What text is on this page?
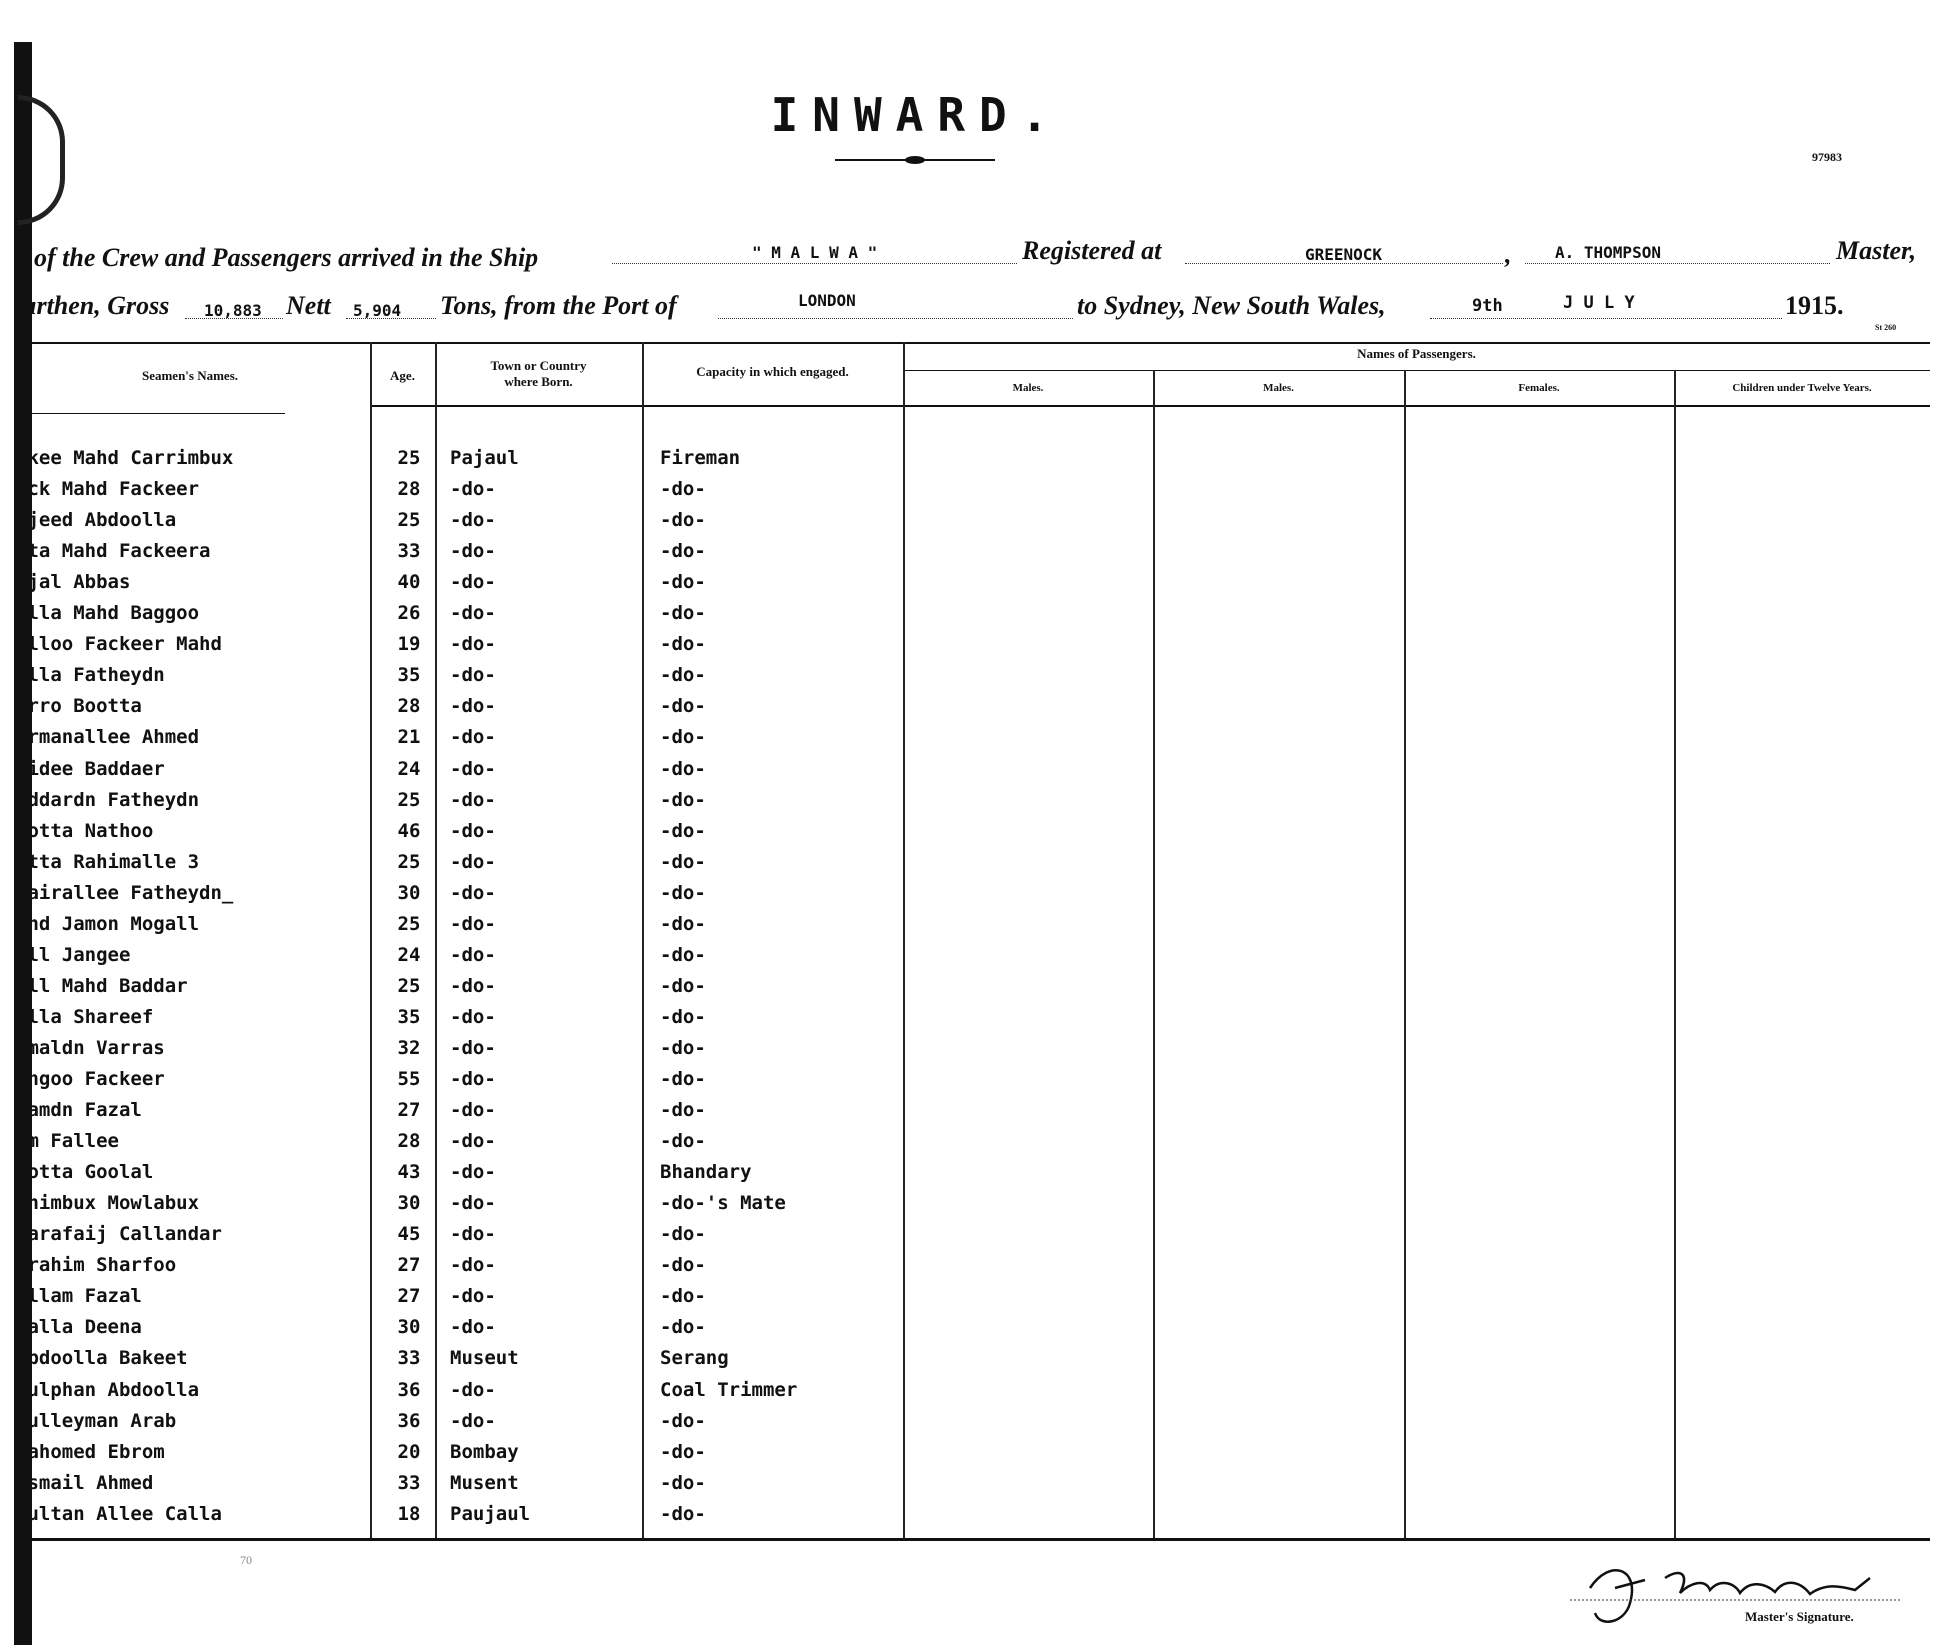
INWARD.
97983
of the Crew and Passengers arrived in the Ship	" M A L W A "	Registered at	GREENOCK	,	A. THOMPSON	Master,
urthen, Gross 10,883 Nett 5,904 Tons, from the Port of	LONDON	to Sydney, New South Wales,	9th	J U L Y	1915.
St 260
Seamen's Names.	Age.
Town or Country
where Born.
Capacity in which engaged.
Names of Passengers.
Males.	Males.	Females.	Children under Twelve Years.
akee Mahd Carrimbux	25 Pajaul	Fireman
eck Mahd Fackeer	28 -do-	-do-
ajeed Abdoolla	25 -do-	-do-
ita Mahd Fackeera	33 -do-	-do-
ajal Abbas	40 -do-	-do-
alla Mahd Baggoo	26 -do-	-do-
alloo Fackeer Mahd	19 -do-	-do-
alla Fatheydn	35 -do-	-do-
erro Bootta	28 -do-	-do-
armanallee Ahmed	21 -do-	-do-
aidee Baddaer	24 -do-	-do-
addardn Fatheydn	25 -do-	-do-
eotta Nathoo	46 -do-	-do-
itta Rahimalle 3	25 -do-	-do-
hairallee Fatheydn_	30 -do-	-do-
ahd Jamon Mogall	25 -do-	-do-
ill Jangee	24 -do-	-do-
ill Mahd Baddar	25 -do-	-do-
alla Shareef	35 -do-	-do-
amaldn Varras	32 -do-	-do-
angoo Fackeer	55 -do-	-do-
lamdn Fazal	27 -do-	-do-
am Fallee	28 -do-	-do-
eotta Goolal	43 -do-	Bhandary
ahimbux Mowlabux	30 -do-	-do-'s Mate
harafaij Callandar	45 -do-	-do-
brahim Sharfoo	27 -do-	-do-
Allam Fazal	27 -do-	-do-
Calla Deena	30 -do-	-do-
Abdoolla Bakeet	33 Museut	Serang
Culphan Abdoolla	36 -do-	Coal Trimmer
Sulleyman Arab	36 -do-	-do-
Mahomed Ebrom	20 Bombay	-do-
Esmail Ahmed	33 Musent	-do-
Sultan Allee Calla	18 Paujaul	-do-
70
Master's Signature.
